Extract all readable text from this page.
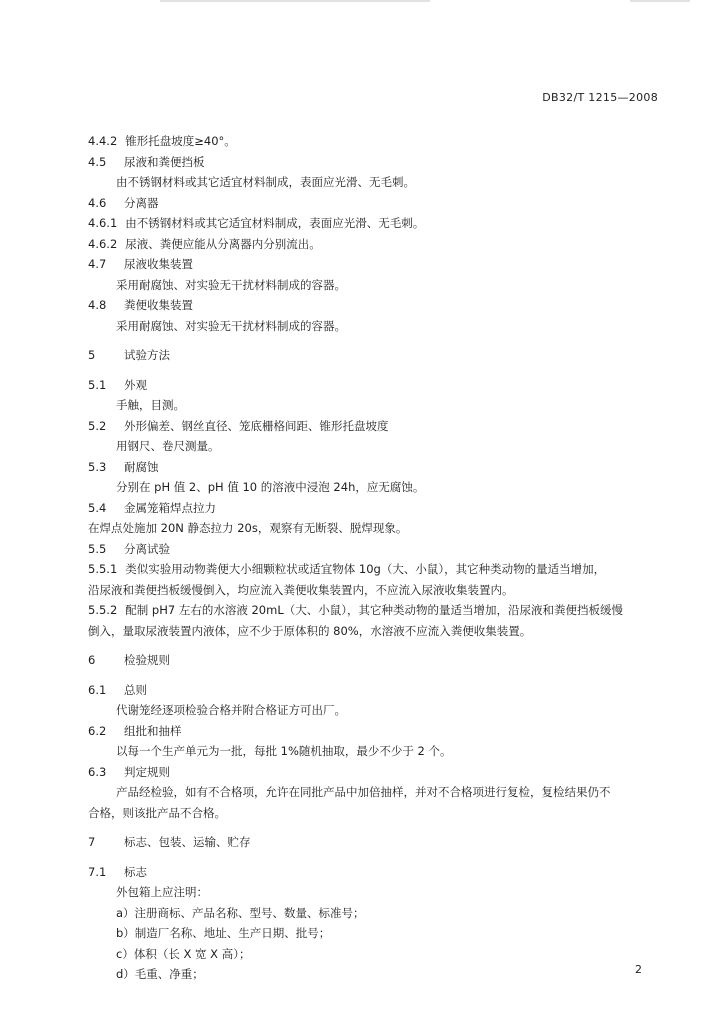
DB32/T 1215—2008
4.4.2 锥形托盘坡度≥40°。
4.5 尿液和粪便挡板
由不锈钢材料或其它适宜材料制成，表面应光滑、无毛刺。
4.6 分离器
4.6.1 由不锈钢材料或其它适宜材料制成，表面应光滑、无毛刺。
4.6.2 尿液、粪便应能从分离器内分别流出。
4.7 尿液收集装置
采用耐腐蚀、对实验无干扰材料制成的容器。
4.8 粪便收集装置
采用耐腐蚀、对实验无干扰材料制成的容器。
5 试验方法
5.1 外观
手触，目测。
5.2 外形偏差、钢丝直径、笼底栅格间距、锥形托盘坡度
用钢尺、卷尺测量。
5.3 耐腐蚀
分别在 pH 值 2、pH 值 10 的溶液中浸泡 24h，应无腐蚀。
5.4 金属笼箱焊点拉力
在焊点处施加 20N 静态拉力 20s，观察有无断裂、脱焊现象。
5.5 分离试验
5.5.1 类似实验用动物粪便大小细颗粒状或适宜物体 10g（大、小鼠），其它种类动物的量适当增加，
沿尿液和粪便挡板缓慢倒入，均应流入粪便收集装置内，不应流入尿液收集装置内。
5.5.2 配制 pH7 左右的水溶液 20mL（大、小鼠），其它种类动物的量适当增加，沿尿液和粪便挡板缓慢
倒入，量取尿液装置内液体，应不少于原体积的 80%，水溶液不应流入粪便收集装置。
6 检验规则
6.1 总则
代谢笼经逐项检验合格并附合格证方可出厂。
6.2 组批和抽样
以每一个生产单元为一批，每批 1%随机抽取，最少不少于 2 个。
6.3 判定规则
产品经检验，如有不合格项，允许在同批产品中加倍抽样，并对不合格项进行复检，复检结果仍不
合格，则该批产品不合格。
7 标志、包装、运输、贮存
7.1 标志
外包箱上应注明：
a）注册商标、产品名称、型号、数量、标准号；
b）制造厂名称、地址、生产日期、批号；
c）体积（长 X 宽 X 高）；
d）毛重、净重；	2
